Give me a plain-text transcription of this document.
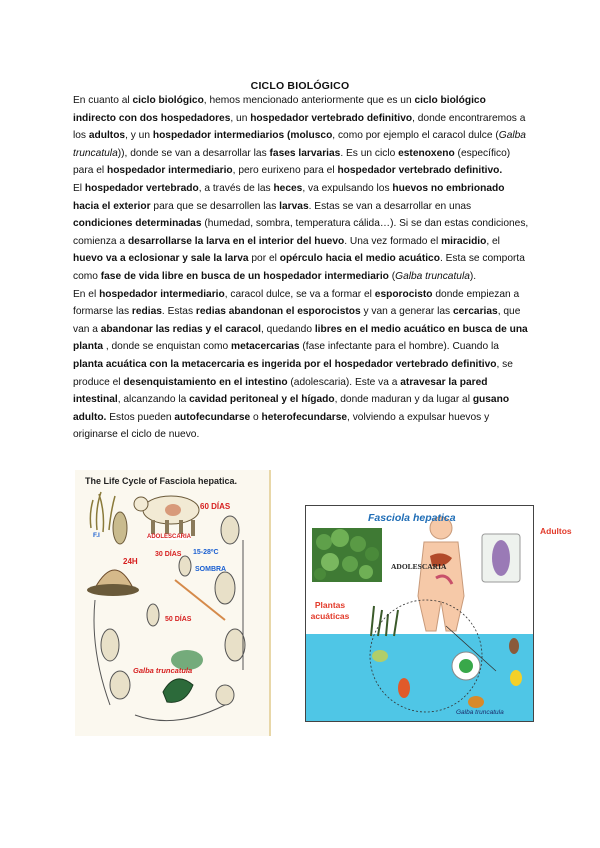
CICLO BIOLÓGICO

En cuanto al ciclo biológico, hemos mencionado anteriormente que es un ciclo biológico indirecto con dos hospedadores, un hospedador vertebrado definitivo, donde encontraremos a los adultos, y un hospedador intermediarios (molusco, como por ejemplo el caracol dulce (Galba truncatula)), donde se van a desarrollar las fases larvarias. Es un ciclo estenoxeno (específico) para el hospedador intermediario, pero eurixeno para el hospedador vertebrado definitivo.

El hospedador vertebrado, a través de las heces, va expulsando los huevos no embrionado hacia el exterior para que se desarrollen las larvas. Estas se van a desarrollar en unas condiciones determinadas (humedad, sombra, temperatura cálida…). Si se dan estas condiciones, comienza a desarrollarse la larva en el interior del huevo. Una vez formado el miracidio, el huevo va a eclosionar y sale la larva por el opérculo hacia el medio acuático. Esta se comporta como fase de vida libre en busca de un hospedador intermediario (Galba truncatula).

En el hospedador intermediario, caracol dulce, se va a formar el esporocisto donde empiezan a formarse las redias. Estas redias abandonan el esporocistos y van a generar las cercarias, que van a abandonar las redias y el caracol, quedando libres en el medio acuático en busca de una planta , donde se enquistan como metacercarias (fase infectante para el hombre). Cuando la planta acuática con la metacercaria es ingerida por el hospedador vertebrado definitivo, se produce el desenquistamiento en el intestino (adolescaria). Este va a atravesar la pared intestinal, alcanzando la cavidad peritoneal y el hígado, donde maduran y da lugar al gusano adulto. Estos pueden autofecundarse o heterofecundarse, volviendo a expulsar huevos y originarse el ciclo de nuevo.

The Life Cycle of Fasciola hepatica.
60 DÍAS
ADOLESCARIA
F.I
30 DÍAS
24H
15-28ºC
SOMBRA
50 DÍAS
Galba truncatula
Fasciola hepatica
ADOLESCARIA
Galba truncatula
Adultos
Plantas acuáticas
